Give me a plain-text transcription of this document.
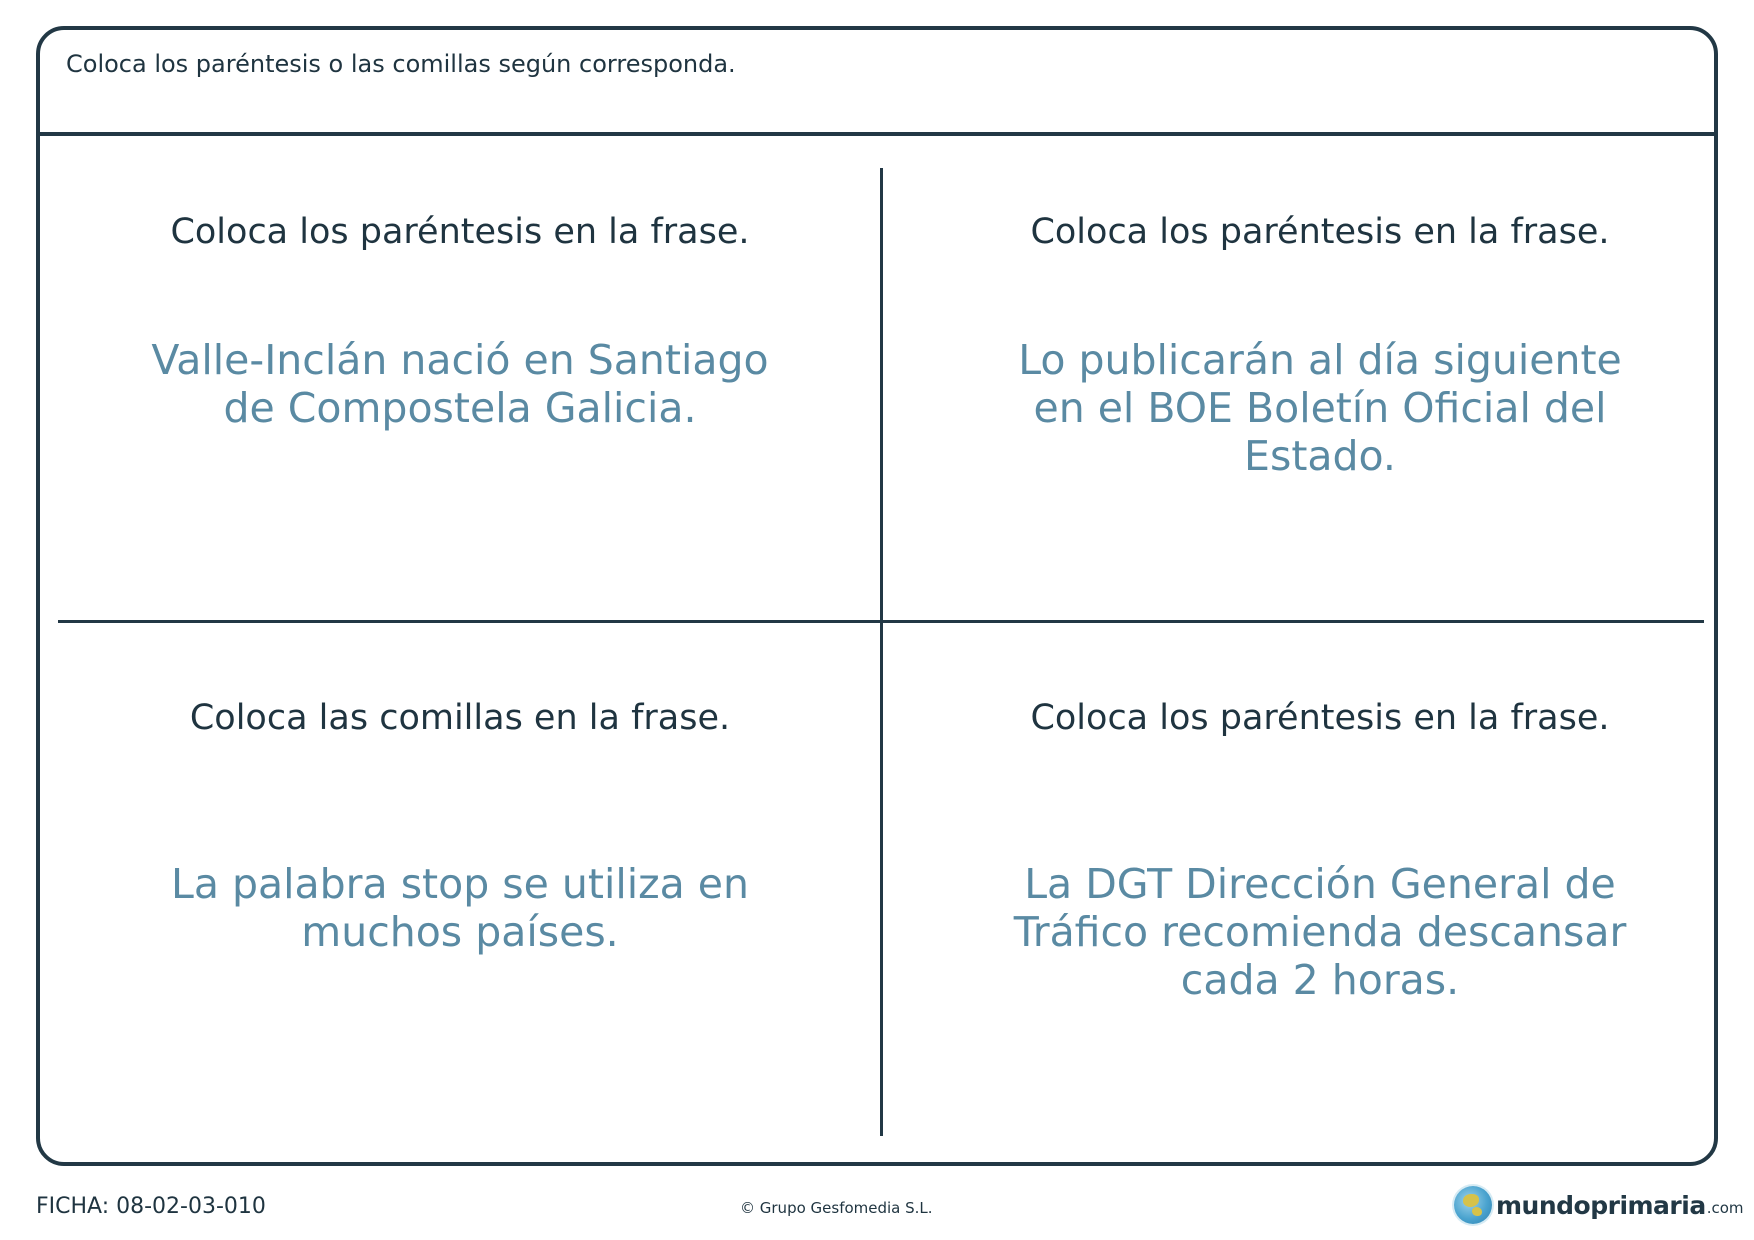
Coloca los paréntesis o las comillas según corresponda.
Coloca los paréntesis en la frase.
Valle-Inclán nació en Santiago de Compostela Galicia.
Coloca los paréntesis en la frase.
Lo publicarán al día siguiente en el BOE Boletín Oficial del Estado.
Coloca las comillas en la frase.
La palabra stop se utiliza en muchos países.
Coloca los paréntesis en la frase.
La DGT Dirección General de Tráfico recomienda descansar cada 2 horas.
FICHA: 08-02-03-010	© Grupo Gesfomedia S.L.	mundoprimaria .com
